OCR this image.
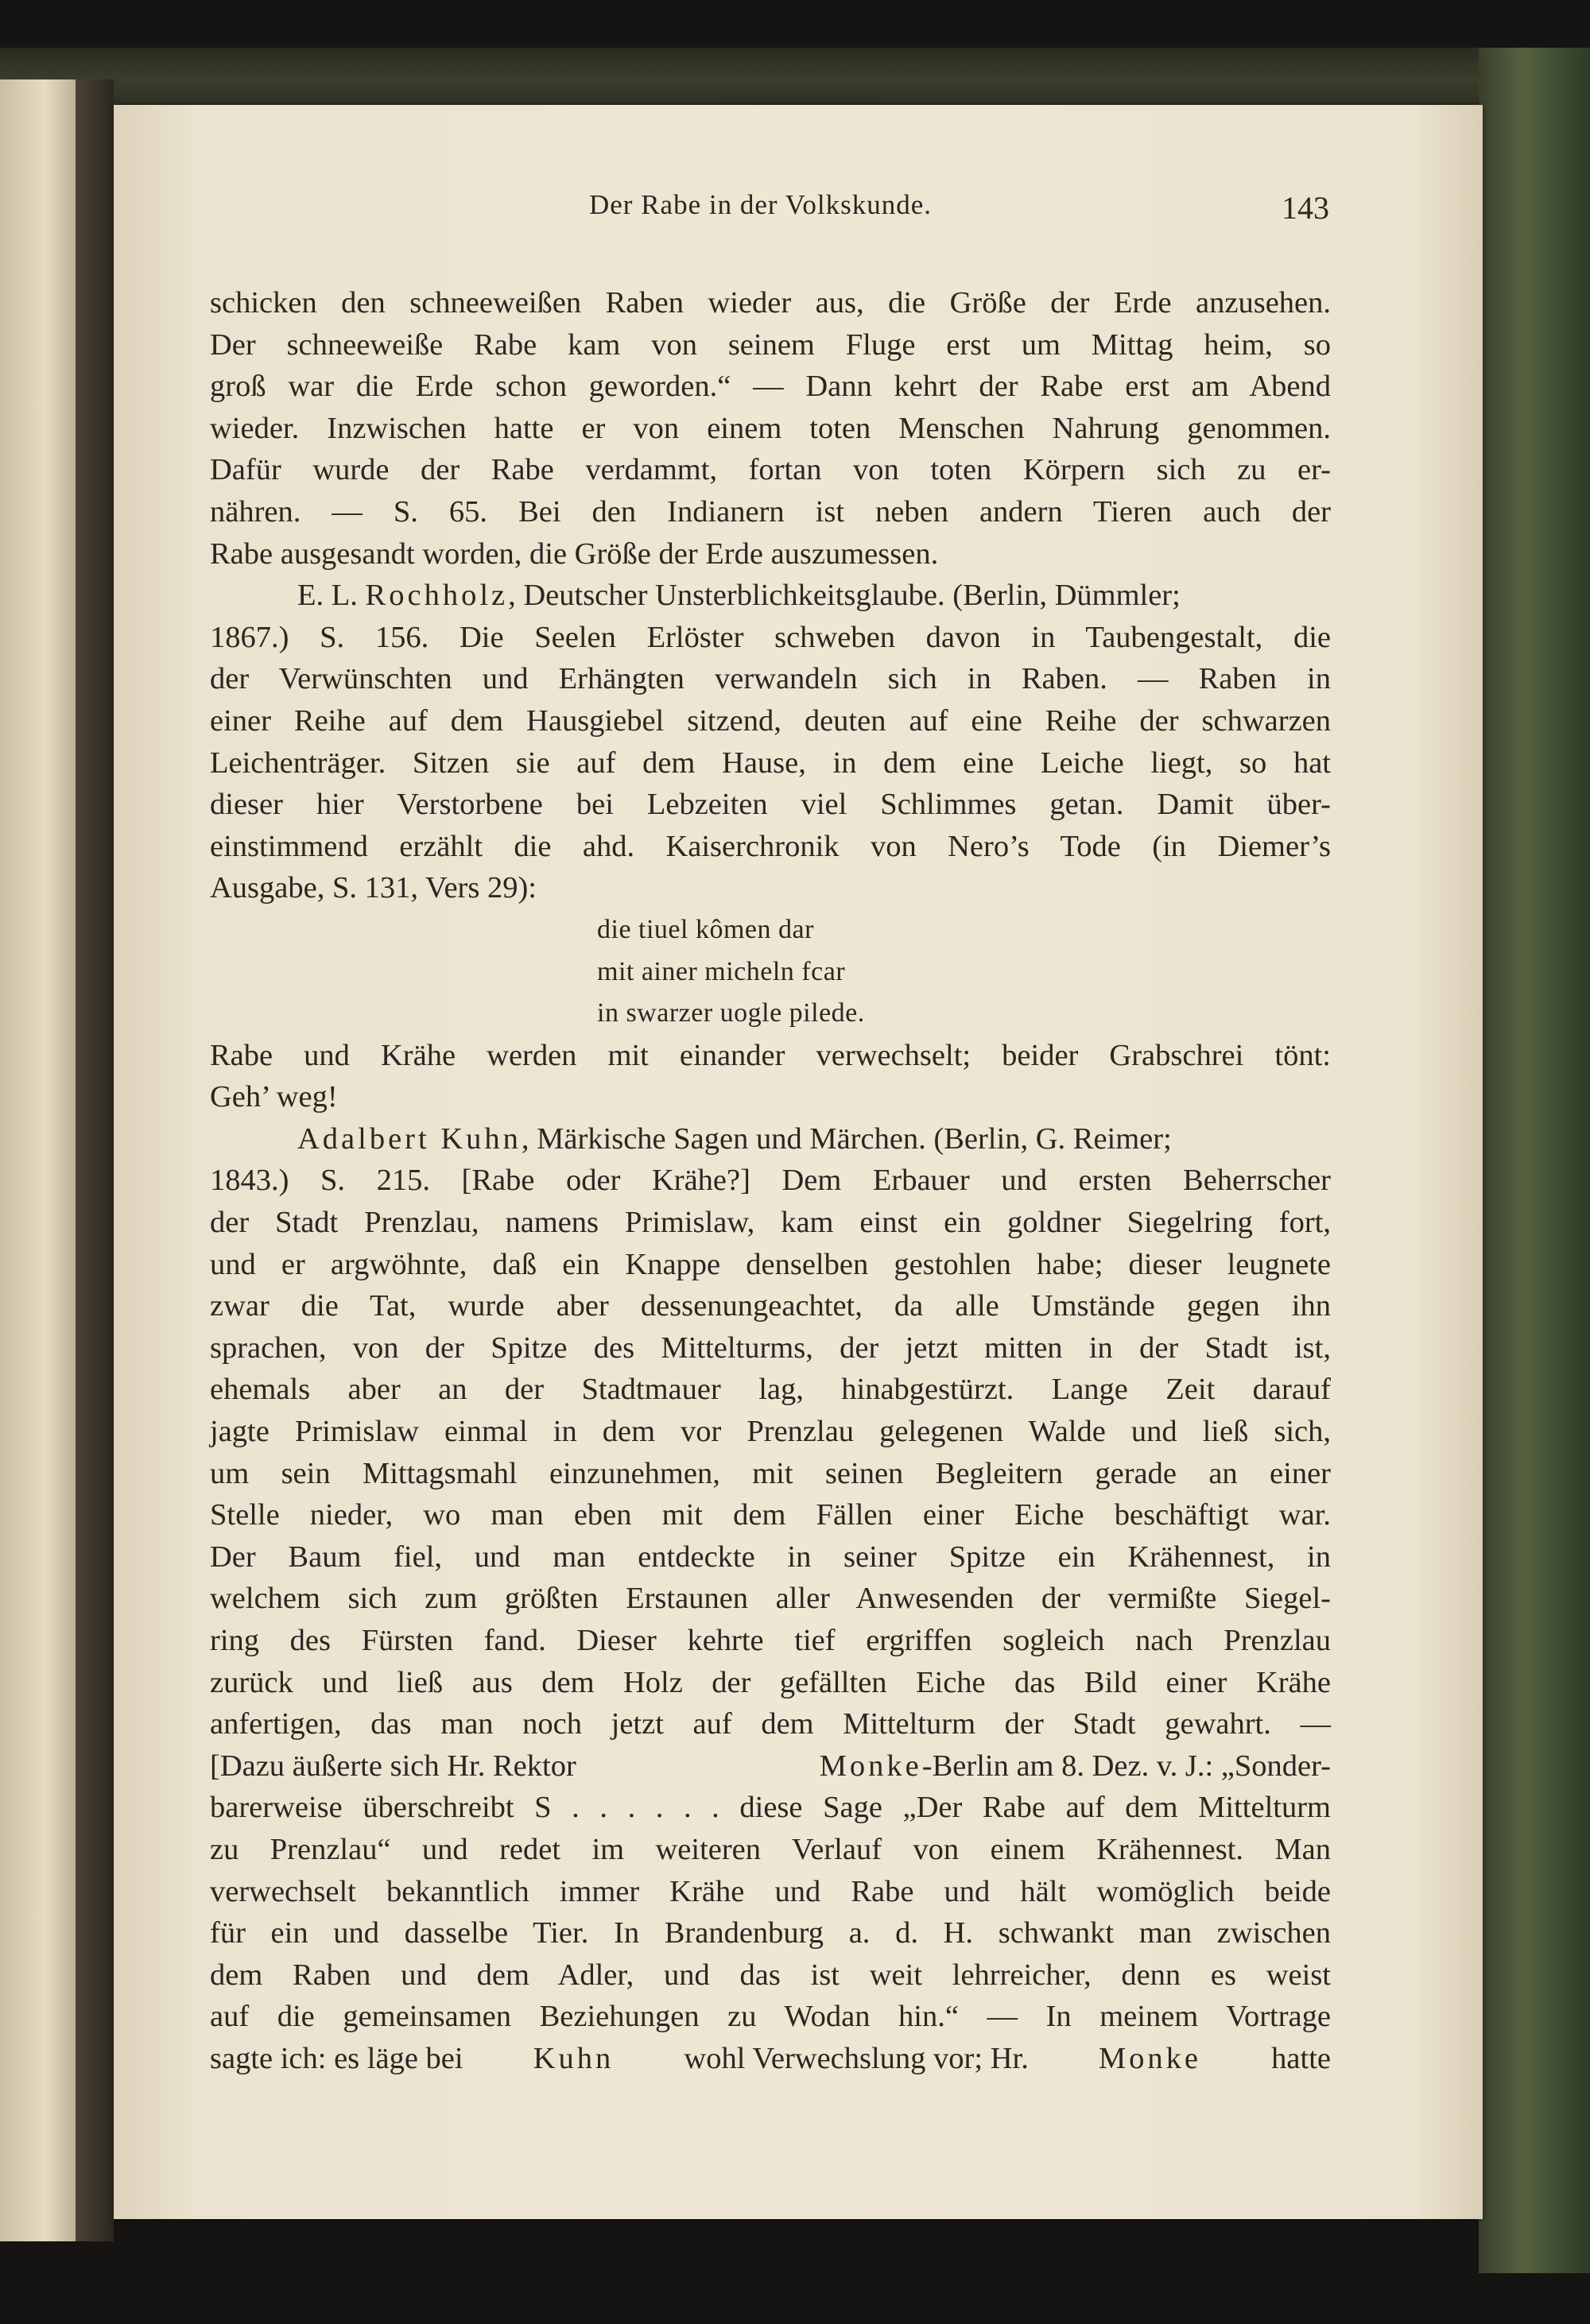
Der Rabe in der Volkskunde.	143
schicken den schneeweißen Raben wieder aus, die Größe der Erde anzusehen.
Der schneeweiße Rabe kam von seinem Fluge erst um Mittag heim, so
groß war die Erde schon geworden.“ — Dann kehrt der Rabe erst am Abend
wieder. Inzwischen hatte er von einem toten Menschen Nahrung genommen.
Dafür wurde der Rabe verdammt, fortan von toten Körpern sich zu er-
nähren. — S. 65. Bei den Indianern ist neben andern Tieren auch der
Rabe ausgesandt worden, die Größe der Erde auszumessen.
E. L. Rochholz, Deutscher Unsterblichkeitsglaube. (Berlin, Dümmler;
1867.) S. 156. Die Seelen Erlöster schweben davon in Taubengestalt, die
der Verwünschten und Erhängten verwandeln sich in Raben. — Raben in
einer Reihe auf dem Hausgiebel sitzend, deuten auf eine Reihe der schwarzen
Leichenträger. Sitzen sie auf dem Hause, in dem eine Leiche liegt, so hat
dieser hier Verstorbene bei Lebzeiten viel Schlimmes getan. Damit über-
einstimmend erzählt die ahd. Kaiserchronik von Nero’s Tode (in Diemer’s
Ausgabe, S. 131, Vers 29):
die tiuel kômen dar
mit ainer micheln fcar
in swarzer uogle pilede.
Rabe und Krähe werden mit einander verwechselt; beider Grabschrei tönt:
Geh’ weg!
Adalbert Kuhn, Märkische Sagen und Märchen. (Berlin, G. Reimer;
1843.) S. 215. [Rabe oder Krähe?] Dem Erbauer und ersten Beherrscher
der Stadt Prenzlau, namens Primislaw, kam einst ein goldner Siegelring fort,
und er argwöhnte, daß ein Knappe denselben gestohlen habe; dieser leugnete
zwar die Tat, wurde aber dessenungeachtet, da alle Umstände gegen ihn
sprachen, von der Spitze des Mittelturms, der jetzt mitten in der Stadt ist,
ehemals aber an der Stadtmauer lag, hinabgestürzt. Lange Zeit darauf
jagte Primislaw einmal in dem vor Prenzlau gelegenen Walde und ließ sich,
um sein Mittagsmahl einzunehmen, mit seinen Begleitern gerade an einer
Stelle nieder, wo man eben mit dem Fällen einer Eiche beschäftigt war.
Der Baum fiel, und man entdeckte in seiner Spitze ein Krähennest, in
welchem sich zum größten Erstaunen aller Anwesenden der vermißte Siegel-
ring des Fürsten fand. Dieser kehrte tief ergriffen sogleich nach Prenzlau
zurück und ließ aus dem Holz der gefällten Eiche das Bild einer Krähe
anfertigen, das man noch jetzt auf dem Mittelturm der Stadt gewahrt. —
[Dazu äußerte sich Hr. Rektor	Monke-Berlin am 8. Dez. v. J.: „Sonder-
barerweise überschreibt S . . . . . . diese Sage „Der Rabe auf dem Mittelturm
zu Prenzlau“ und redet im weiteren Verlauf von einem Krähennest. Man
verwechselt bekanntlich immer Krähe und Rabe und hält womöglich beide
für ein und dasselbe Tier. In Brandenburg a. d. H. schwankt man zwischen
dem Raben und dem Adler, und das ist weit lehrreicher, denn es weist
auf die gemeinsamen Beziehungen zu Wodan hin.“ — In meinem Vortrage
sagte ich: es läge bei Kuhn wohl Verwechslung vor; Hr. Monke hatte
